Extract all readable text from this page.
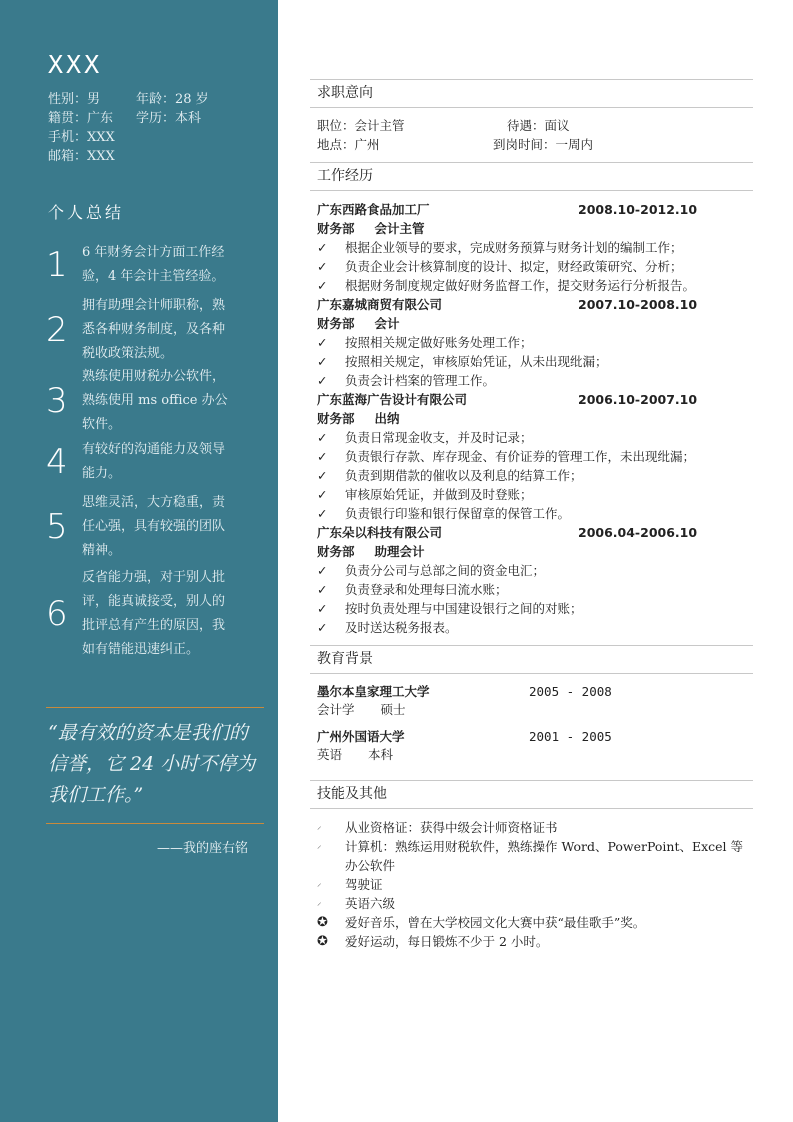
XXX
性别：男	年龄：28 岁
籍贯：广东 学历：本科
手机：XXX
邮箱：XXX
个人总结
1	6 年财务会计方面工作经
验，4 年会计主管经验。
2
拥有助理会计师职称，熟
悉各种财务制度，及各种
税收政策法规。
3
熟练使用财税办公软件，
熟练使用 ms office 办公
软件。
4	有较好的沟通能力及领导
能力。
5
思维灵活，大方稳重，责
任心强，具有较强的团队
精神。
6
反省能力强，对于别人批
评，能真诚接受，别人的
批评总有产生的原因，我
如有错能迅速纠正。
“最有效的资本是我们的信誉，它 24 小时不停为我们工作。”
——我的座右铭
求职意向
职位：会计主管	待遇：面议
地点：广州	到岗时间：一周内
工作经历
广东西路食品加工厂	2008.10-2012.10
财务部 会计主管
✓	根据企业领导的要求，完成财务预算与财务计划的编制工作；
✓	负责企业会计核算制度的设计、拟定，财经政策研究、分析；
✓	根据财务制度规定做好财务监督工作，提交财务运行分析报告。
广东嘉城商贸有限公司	2007.10-2008.10
财务部 会计
✓	按照相关规定做好账务处理工作；
✓	按照相关规定，审核原始凭证，从未出现纰漏；
✓	负责会计档案的管理工作。
广东蓝海广告设计有限公司	2006.10-2007.10
财务部 出纳
✓	负责日常现金收支，并及时记录；
✓	负责银行存款、库存现金、有价证券的管理工作，未出现纰漏；
✓	负责到期借款的催收以及利息的结算工作；
✓	审核原始凭证，并做到及时登账；
✓	负责银行印鉴和银行保留章的保管工作。
广东朵以科技有限公司	2006.04-2006.10
财务部 助理会计
✓	负责分公司与总部之间的资金电汇；
✓	负责登录和处理每曰流水账；
✓	按时负责处理与中国建设银行之间的对账；
✓	及时送达税务报表。
教育背景
墨尔本皇家理工大学	2005 - 2008
会计学 硕士
广州外国语大学	2001 - 2005
英语 本科
技能及其他
⸝	从业资格证：获得中级会计师资格证书
⸝	计算机：熟练运用财税软件，熟练操作 Word、PowerPoint、Excel 等办公软件
⸝	驾驶证
⸝	英语六级
✪	爱好音乐，曾在大学校园文化大赛中获“最佳歌手”奖。
✪	爱好运动，每日锻炼不少于 2 小时。
